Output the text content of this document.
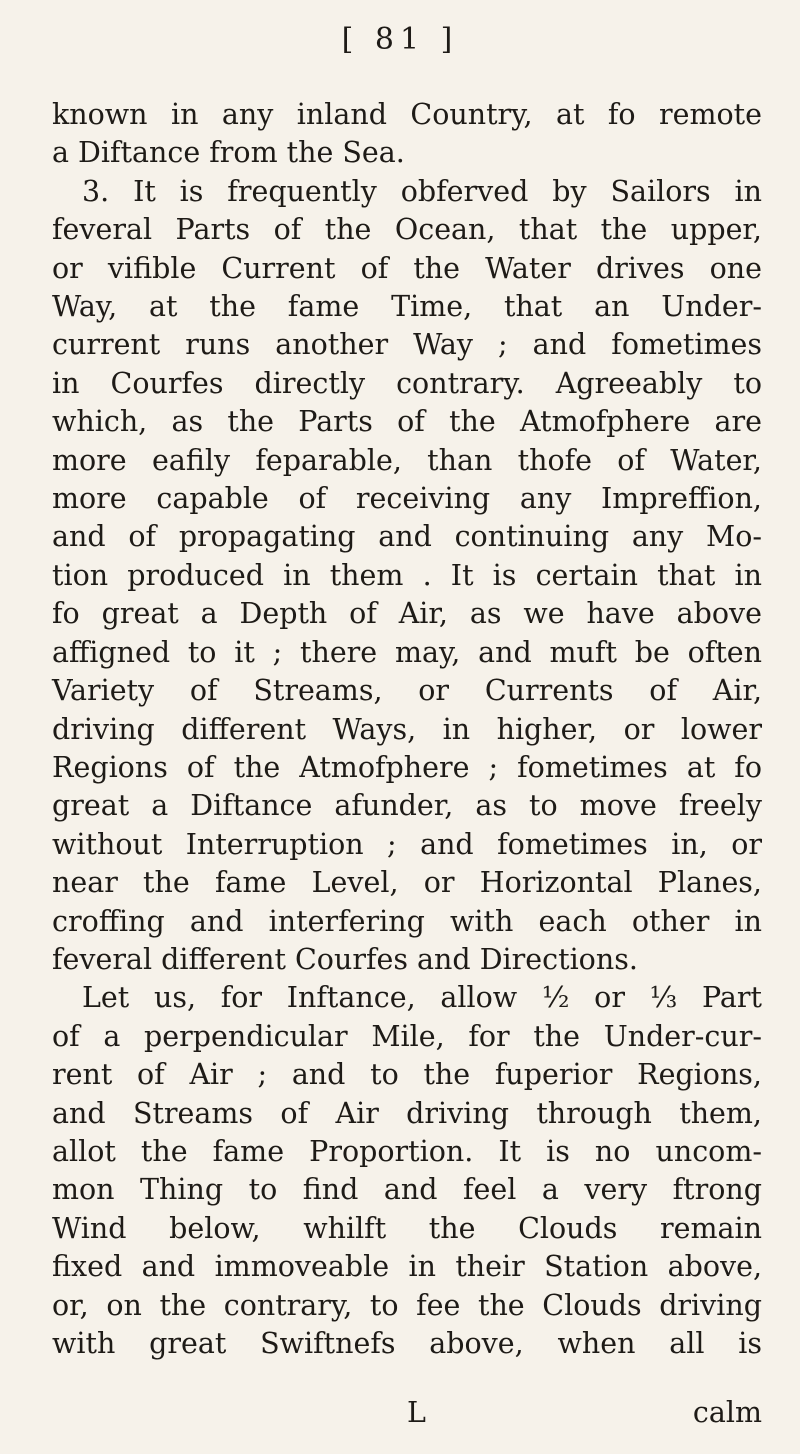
[ 81 ]
known in any inland Country, at fo remote
a Diftance from the Sea.
3. It is frequently obferved by Sailors in
feveral Parts of the Ocean, that the upper,
or vifible Current of the Water drives one
Way, at the fame Time, that an Under-
current runs another Way ; and fometimes
in Courfes directly contrary. Agreeably to
which, as the Parts of the Atmofphere are
more eafily feparable, than thofe of Water,
more capable of receiving any Impreffion,
and of propagating and continuing any Mo-
tion produced in them . It is certain that in
fo great a Depth of Air, as we have above
affigned to it ; there may, and muft be often
Variety of Streams, or Currents of Air,
driving different Ways, in higher, or lower
Regions of the Atmofphere ; fometimes at fo
great a Diftance afunder, as to move freely
without Interruption ; and fometimes in, or
near the fame Level, or Horizontal Planes,
croffing and interfering with each other in
feveral different Courfes and Directions.
Let us, for Inftance, allow ½ or ⅓ Part
of a perpendicular Mile, for the Under-cur-
rent of Air ; and to the fuperior Regions,
and Streams of Air driving through them,
allot the fame Proportion. It is no uncom-
mon Thing to find and feel a very ftrong
Wind below, whilft the Clouds remain
fixed and immoveable in their Station above,
or, on the contrary, to fee the Clouds driving
with great Swiftnefs above, when all is
L	calm
